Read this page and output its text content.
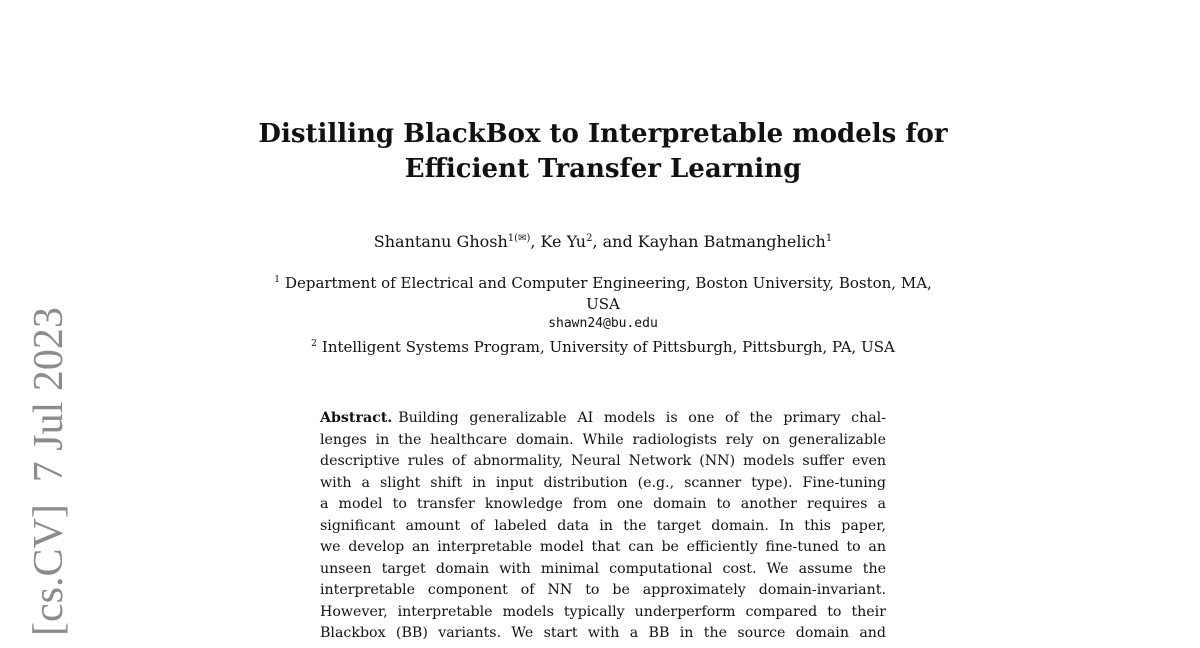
[cs.CV]7 Jul 2023
Distilling BlackBox to Interpretable models for
Efficient Transfer Learning
Shantanu Ghosh$^{1(✉)}$, Ke Yu$^2$, and Kayhan Batmanghelich$^1$
$^1$ Department of Electrical and Computer Engineering, Boston University, Boston, MA, USA
shawn24@bu.edu
$^2$ Intelligent Systems Program, University of Pittsburgh, Pittsburgh, PA, USA
Abstract. Building generalizable AI models is one of the primary chal-
lenges in the healthcare domain. While radiologists rely on generalizable
descriptive rules of abnormality, Neural Network (NN) models suffer even
with a slight shift in input distribution (e.g., scanner type). Fine-tuning
a model to transfer knowledge from one domain to another requires a
significant amount of labeled data in the target domain. In this paper,
we develop an interpretable model that can be efficiently fine-tuned to an
unseen target domain with minimal computational cost. We assume the
interpretable component of NN to be approximately domain-invariant.
However, interpretable models typically underperform compared to their
Blackbox (BB) variants. We start with a BB in the source domain and
